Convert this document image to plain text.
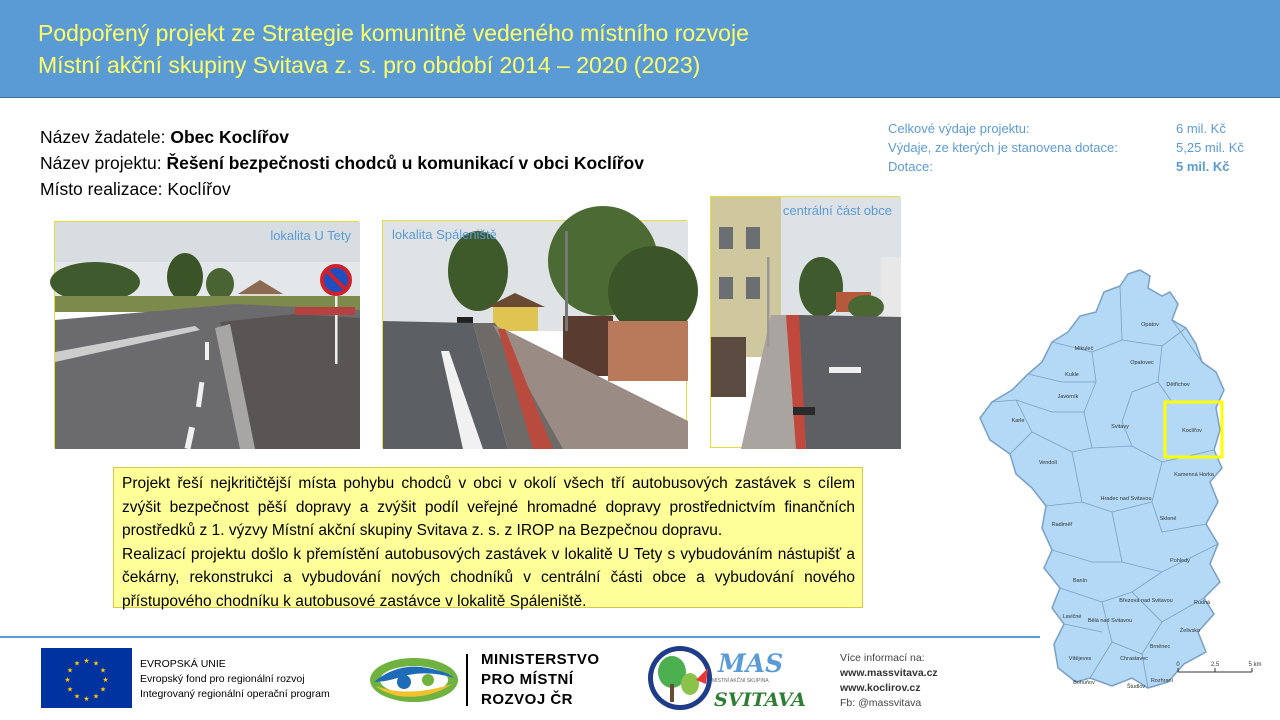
Podpořený projekt ze Strategie komunitně vedeného místního rozvoje
Místní akční skupiny Svitava z. s. pro období 2014 – 2020 (2023)
Název žadatele: Obec Koclířov
Název projektu: Řešení bezpečnosti chodců u komunikací v obci Koclířov
Místo realizace: Koclířov
Celkové výdaje projektu:	6 mil. Kč
Výdaje, ze kterých je stanovena dotace:	5,25 mil. Kč
Dotace:	5 mil. Kč
lokalita U Tety	lokalita Spáleniště
centrální část obce

Projekt řeší nejkritičtější místa pohybu chodců v obci v okolí všech tří autobusových zastávek s cílem zvýšit bezpečnost pěší dopravy a zvýšit podíl veřejné hromadné dopravy prostřednictvím finančních prostředků z 1. výzvy Místní akční skupiny Svitava z. s. z IROP na Bezpečnou dopravu.

Realizací projektu došlo k přemístění autobusových zastávek v lokalitě U Tety s vybudováním nástupišť a čekárny, rekonstrukci a vybudování nových chodníků v centrální části obce a vybudování nového přístupového chodníku k autobusové zastávce v lokalitě Spáleniště.

Opatov
Mikuleč
Opatovec
Kukle
Dětřichov
Javorník
Karle
Svitavy
Koclířov
Vendolí
Kamenná Horka
Hradec nad Svitavou
Radiměř
Sklené
Pohledy
Banín
Březová nad Svitavou	Rudná
Lavičné
Bělá nad Svitavou
Želivsko
Brněnec
Vítějeves	Chrastavec
Bohuňov	Rozhraní
Študlov
0	2,5	5 km
★ ★
★
★
★
★
★
★
★
★
★
★	EVROPSKÁ UNIE
Evropský fond pro regionální rozvoj
Integrovaný regionální operační program
MINISTERSTVO
PRO MÍSTNÍ
ROZVOJ ČR
MAS
MÍSTNÍ AKČNÍ SKUPINA
SVITAVA
Více informací na:
www.massvitava.cz
www.koclirov.cz
Fb: @massvitava
